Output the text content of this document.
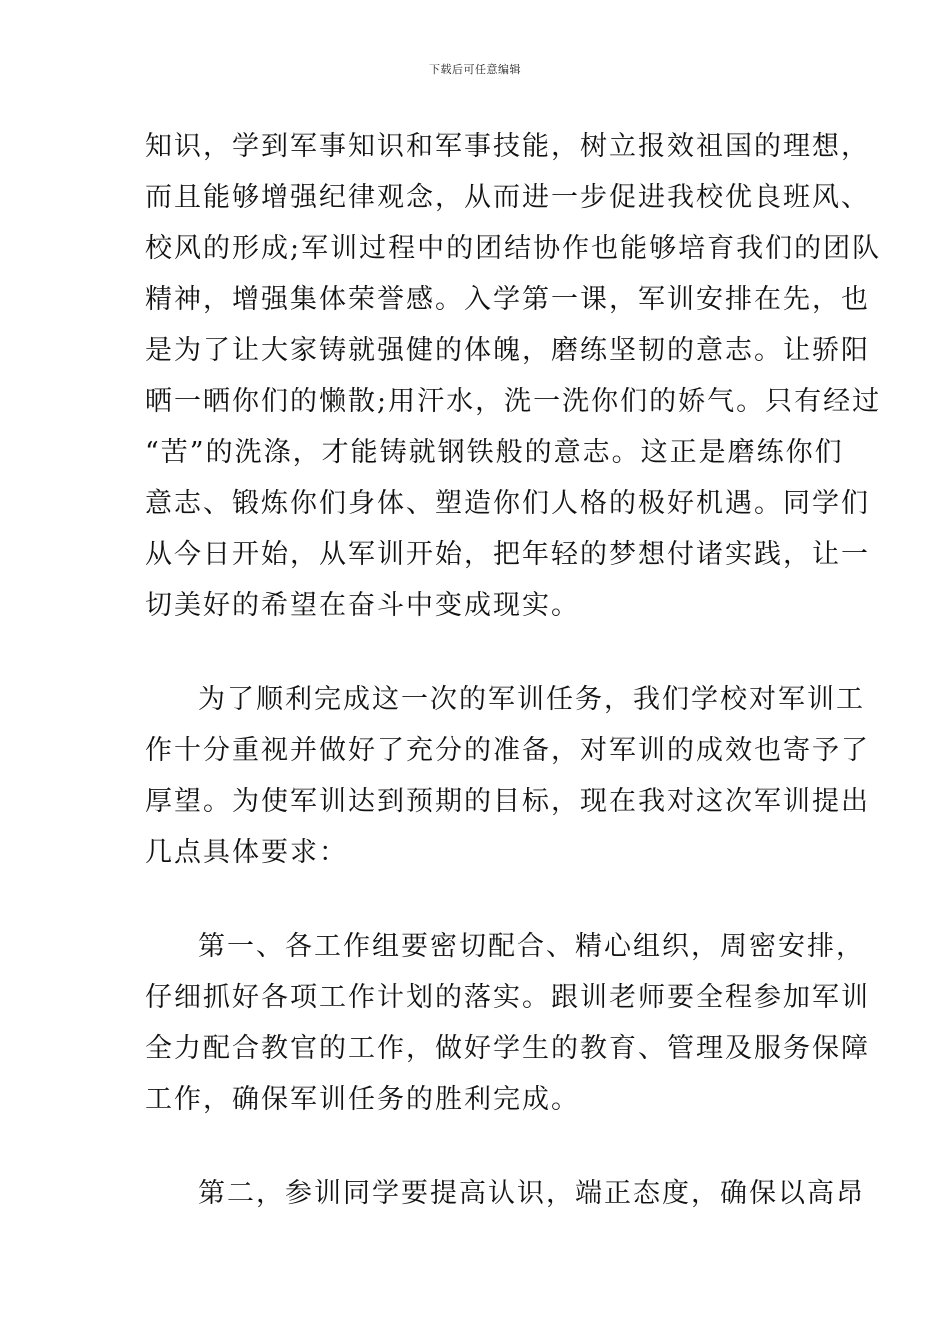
下载后可任意编辑
知识，学到军事知识和军事技能，树立报效祖国的理想，
而且能够增强纪律观念，从而进一步促进我校优良班风、
校风的形成;军训过程中的团结协作也能够培育我们的团队
精神，增强集体荣誉感。入学第一课，军训安排在先，也
是为了让大家铸就强健的体魄，磨练坚韧的意志。让骄阳
晒一晒你们的懒散;用汗水，洗一洗你们的娇气。只有经过
“苦”的洗涤，才能铸就钢铁般的意志。这正是磨练你们
意志、锻炼你们身体、塑造你们人格的极好机遇。同学们
从今日开始，从军训开始，把年轻的梦想付诸实践，让一
切美好的希望在奋斗中变成现实。
为了顺利完成这一次的军训任务，我们学校对军训工
作十分重视并做好了充分的准备，对军训的成效也寄予了
厚望。为使军训达到预期的目标，现在我对这次军训提出
几点具体要求：
第一、各工作组要密切配合、精心组织，周密安排，
仔细抓好各项工作计划的落实。跟训老师要全程参加军训
全力配合教官的工作，做好学生的教育、管理及服务保障
工作，确保军训任务的胜利完成。
第二，参训同学要提高认识，端正态度，确保以高昂
